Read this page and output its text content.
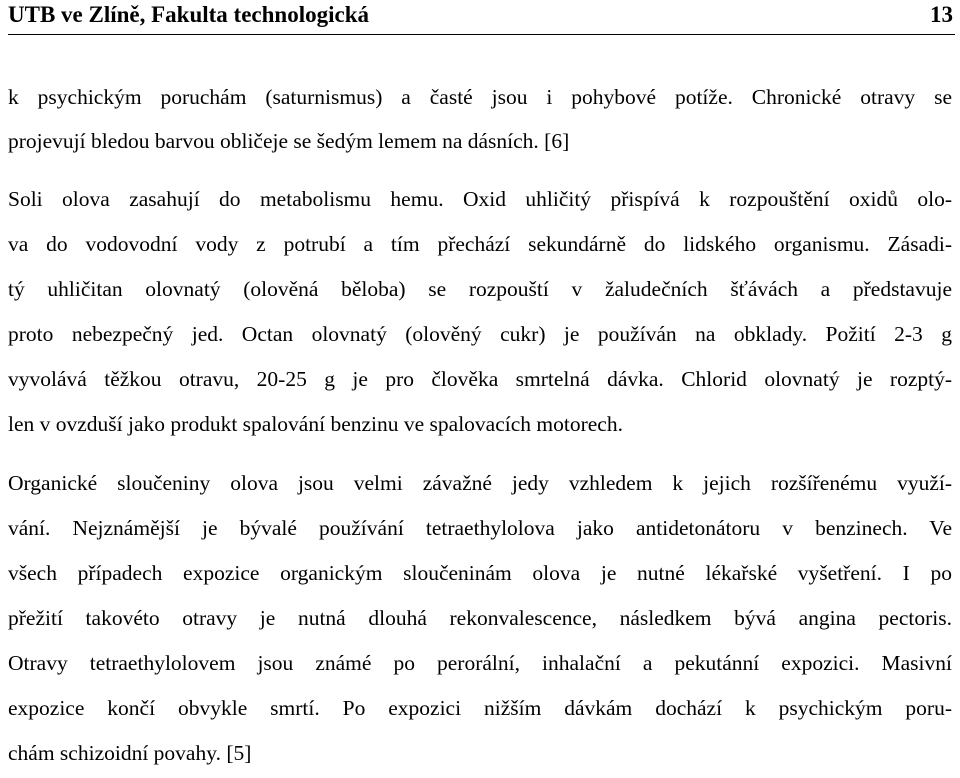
UTB ve Zlíně, Fakulta technologická	13
k psychickým poruchám (saturnismus) a časté jsou i pohybové potíže. Chronické otravy se
projevují bledou barvou obličeje se šedým lemem na dásních. [6]
Soli olova zasahují do metabolismu hemu. Oxid uhličitý přispívá k rozpouštění oxidů olo-
va do vodovodní vody z potrubí a tím přechází sekundárně do lidského organismu. Zásadi-
tý uhličitan olovnatý (olověná běloba) se rozpouští v žaludečních šťávách a představuje
proto nebezpečný jed. Octan olovnatý (olověný cukr) je používán na obklady. Požití 2-3 g
vyvolává těžkou otravu, 20-25 g je pro člověka smrtelná dávka. Chlorid olovnatý je rozptý-
len v ovzduší jako produkt spalování benzinu ve spalovacích motorech.
Organické sloučeniny olova jsou velmi závažné jedy vzhledem k jejich rozšířenému využí-
vání. Nejznámější je bývalé používání tetraethylolova jako antidetonátoru v benzinech. Ve
všech případech expozice organickým sloučeninám olova je nutné lékařské vyšetření. I po
přežití takovéto otravy je nutná dlouhá rekonvalescence, následkem bývá angina pectoris.
Otravy tetraethylolovem jsou známé po perorální, inhalační a pekutánní expozici. Masivní
expozice končí obvykle smrtí. Po expozici nižším dávkám dochází k psychickým poru-
chám schizoidní povahy. [5]
